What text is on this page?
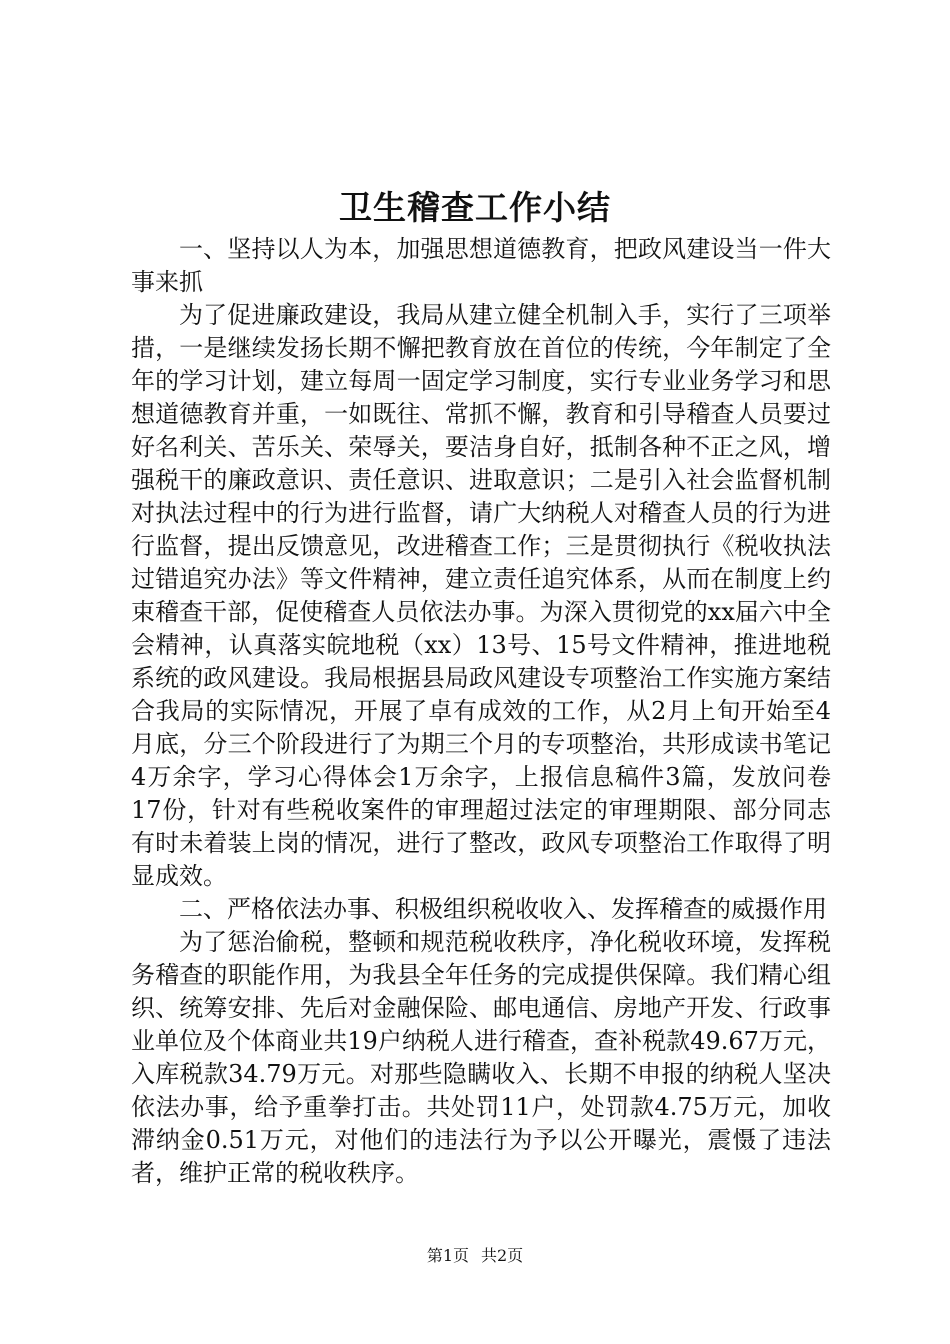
卫生稽查工作小结

一、坚持以人为本，加强思想道德教育，把政风建设当一件大事来抓

为了促进廉政建设，我局从建立健全机制入手，实行了三项举措，一是继续发扬长期不懈把教育放在首位的传统，今年制定了全年的学习计划，建立每周一固定学习制度，实行专业业务学习和思想道德教育并重，一如既往、常抓不懈，教育和引导稽查人员要过好名利关、苦乐关、荣辱关，要洁身自好，抵制各种不正之风，增强税干的廉政意识、责任意识、进取意识；二是引入社会监督机制对执法过程中的行为进行监督，请广大纳税人对稽查人员的行为进行监督，提出反馈意见，改进稽查工作；三是贯彻执行《税收执法过错追究办法》等文件精神，建立责任追究体系，从而在制度上约束稽查干部，促使稽查人员依法办事。为深入贯彻党的xx届六中全会精神，认真落实皖地税（xx）13号、15号文件精神，推进地税系统的政风建设。我局根据县局政风建设专项整治工作实施方案结合我局的实际情况，开展了卓有成效的工作，从2月上旬开始至4月底，分三个阶段进行了为期三个月的专项整治，共形成读书笔记4万余字，学习心得体会1万余字，上报信息稿件3篇，发放问卷17份，针对有些税收案件的审理超过法定的审理期限、部分同志有时未着装上岗的情况，进行了整改，政风专项整治工作取得了明显成效。

二、严格依法办事、积极组织税收收入、发挥稽查的威摄作用

为了惩治偷税，整顿和规范税收秩序，净化税收环境，发挥税务稽查的职能作用，为我县全年任务的完成提供保障。我们精心组织、统筹安排、先后对金融保险、邮电通信、房地产开发、行政事业单位及个体商业共19户纳税人进行稽查，查补税款49.67万元，入库税款34.79万元。对那些隐瞒收入、长期不申报的纳税人坚决依法办事，给予重拳打击。共处罚11户，处罚款4.75万元，加收滞纳金0.51万元，对他们的违法行为予以公开曝光，震慑了违法者，维护正常的税收秩序。

第1页 共2页
